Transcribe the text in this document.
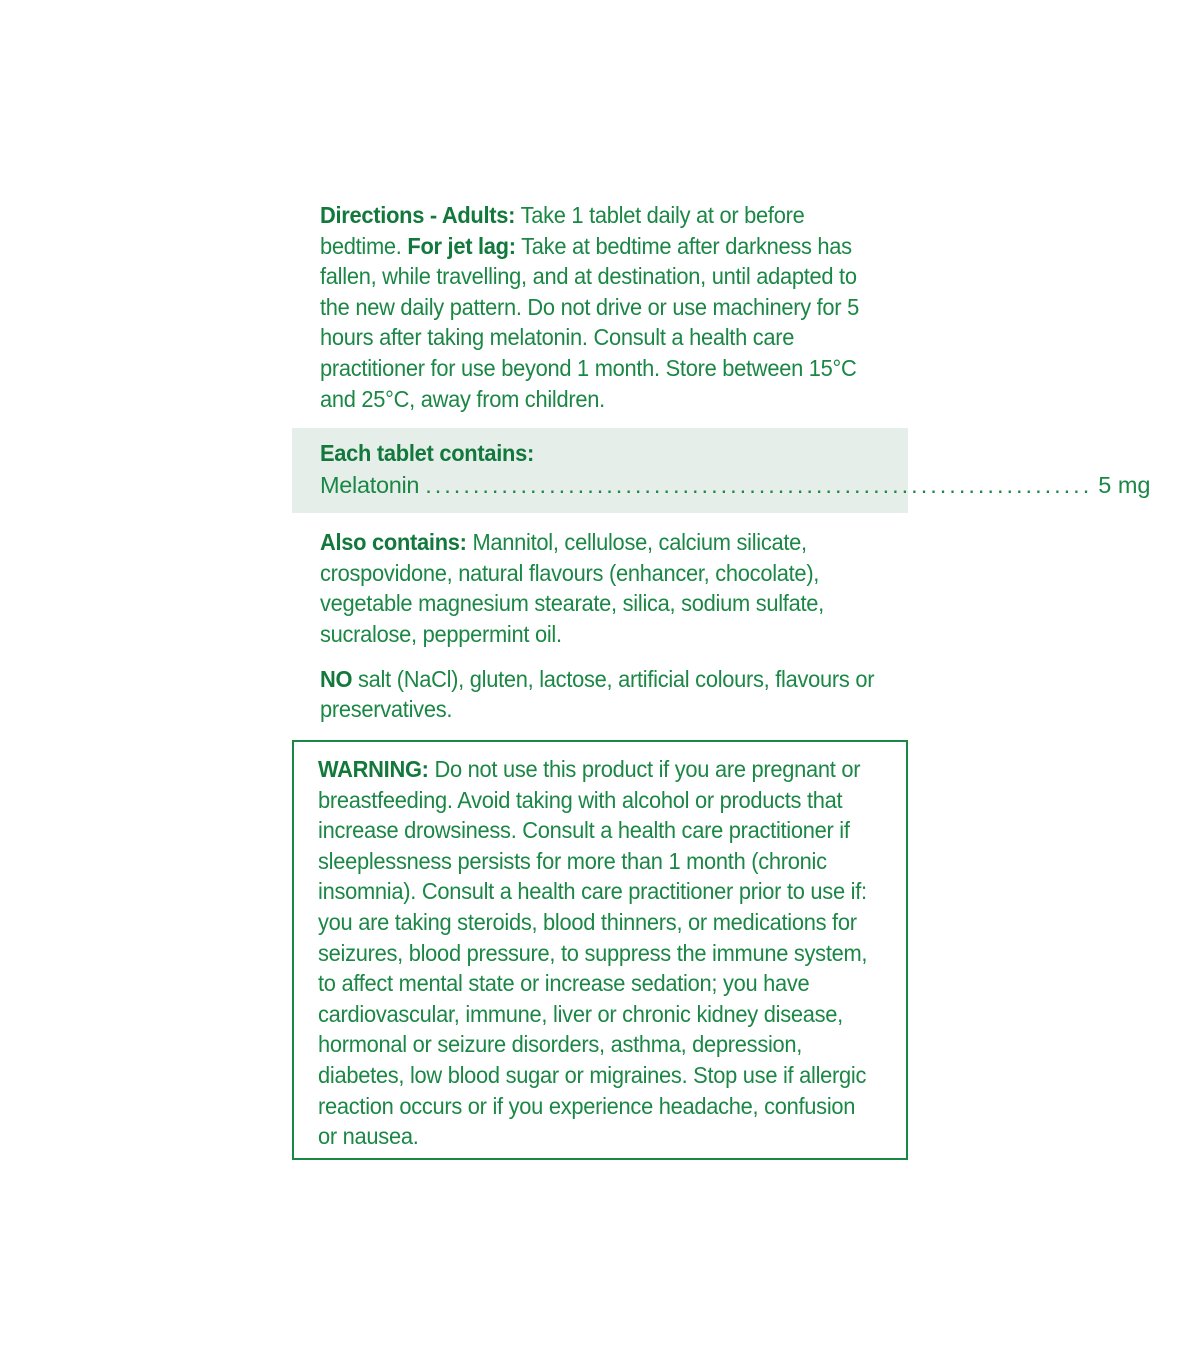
Directions - Adults: Take 1 tablet daily at or before bedtime. For jet lag: Take at bedtime after darkness has fallen, while travelling, and at destination, until adapted to the new daily pattern. Do not drive or use machinery for 5 hours after taking melatonin. Consult a health care practitioner for use beyond 1 month. Store between 15°C and 25°C, away from children.
Each tablet contains:
Melatonin ...................................................................... 5 mg
Also contains: Mannitol, cellulose, calcium silicate, crospovidone, natural flavours (enhancer, chocolate), vegetable magnesium stearate, silica, sodium sulfate, sucralose, peppermint oil.
NO salt (NaCl), gluten, lactose, artificial colours, flavours or preservatives.
WARNING: Do not use this product if you are pregnant or breastfeeding. Avoid taking with alcohol or products that increase drowsiness. Consult a health care practitioner if sleeplessness persists for more than 1 month (chronic insomnia). Consult a health care practitioner prior to use if: you are taking steroids, blood thinners, or medications for seizures, blood pressure, to suppress the immune system, to affect mental state or increase sedation; you have cardiovascular, immune, liver or chronic kidney disease, hormonal or seizure disorders, asthma, depression, diabetes, low blood sugar or migraines. Stop use if allergic reaction occurs or if you experience headache, confusion or nausea.
